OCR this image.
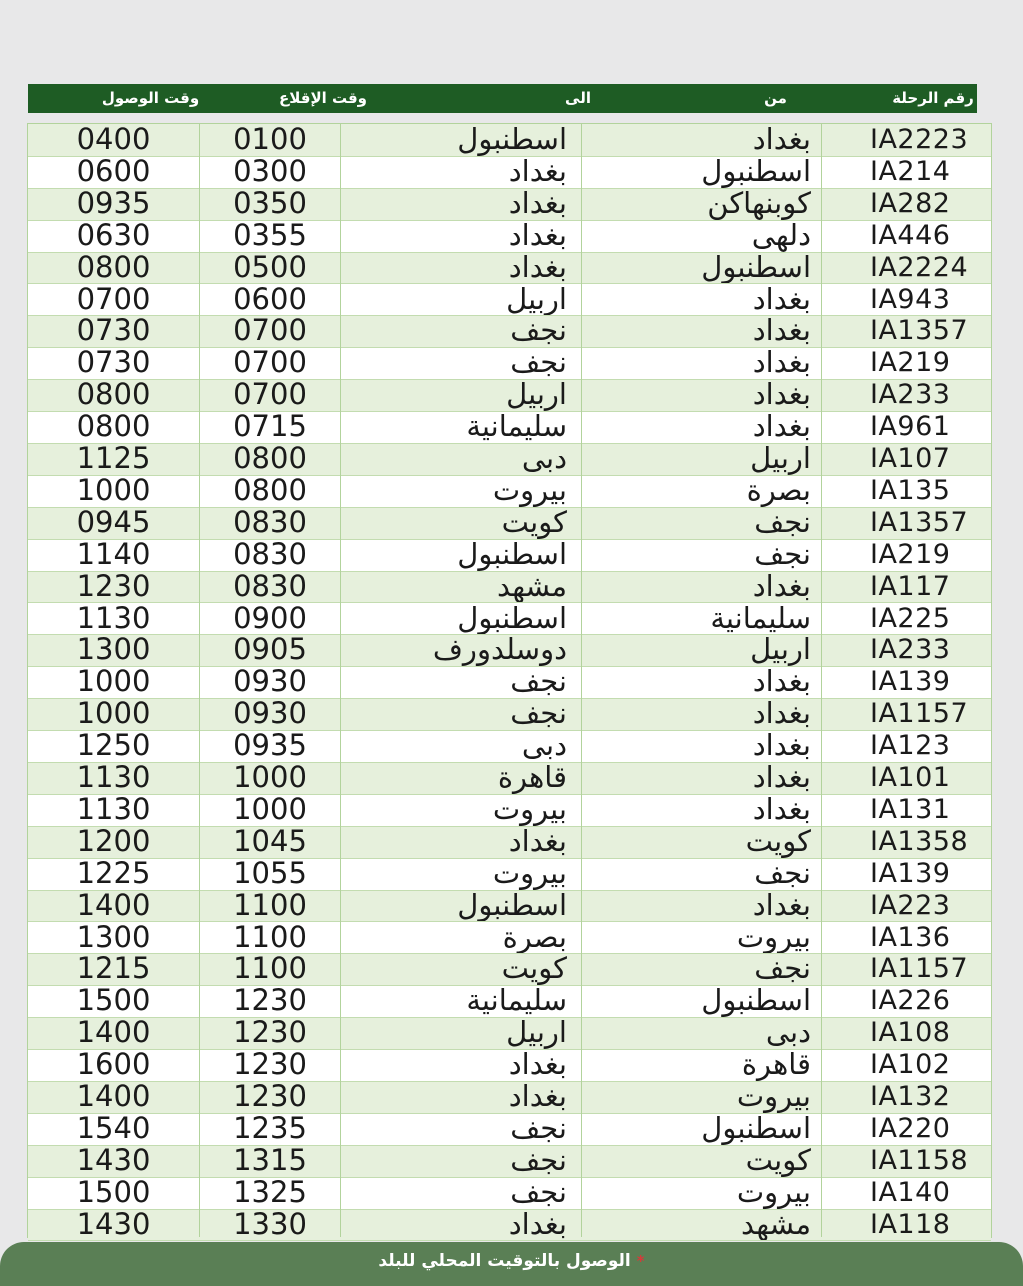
رقم الرحلة
من
الى
وقت الإقلاع
وقت الوصول
IA118
مشهد
بغداد
1330
1430
IA140
بيروت
نجف
1325
1500
IA1158
كويت
نجف
1315
1430
IA220
اسطنبول
نجف
1235
1540
IA132
بيروت
بغداد
1230
1400
IA102
قاهرة
بغداد
1230
1600
IA108
دبى
اربيل
1230
1400
IA226
اسطنبول
سليمانية
1230
1500
IA1157
نجف
كويت
1100
1215
IA136
بيروت
بصرة
1100
1300
IA223
بغداد
اسطنبول
1100
1400
IA139
نجف
بيروت
1055
1225
IA1358
كويت
بغداد
1045
1200
IA131
بغداد
بيروت
1000
1130
IA101
بغداد
قاهرة
1000
1130
IA123
بغداد
دبى
0935
1250
IA1157
بغداد
نجف
0930
1000
IA139
بغداد
نجف
0930
1000
IA233
اربيل
دوسلدورف
0905
1300
IA225
سليمانية
اسطنبول
0900
1130
IA117
بغداد
مشهد
0830
1230
IA219
نجف
اسطنبول
0830
1140
IA1357
نجف
كويت
0830
0945
IA135
بصرة
بيروت
0800
1000
IA107
اربيل
دبى
0800
1125
IA961
بغداد
سليمانية
0715
0800
IA233
بغداد
اربيل
0700
0800
IA219
بغداد
نجف
0700
0730
IA1357
بغداد
نجف
0700
0730
IA943
بغداد
اربيل
0600
0700
IA2224
اسطنبول
بغداد
0500
0800
IA446
دلهى
بغداد
0355
0630
IA282
كوبنهاكن
بغداد
0350
0935
IA214
اسطنبول
بغداد
0300
0600
IA2223
بغداد
اسطنبول
0100
0400
الوصول بالتوقيت المحلي للبلد *
